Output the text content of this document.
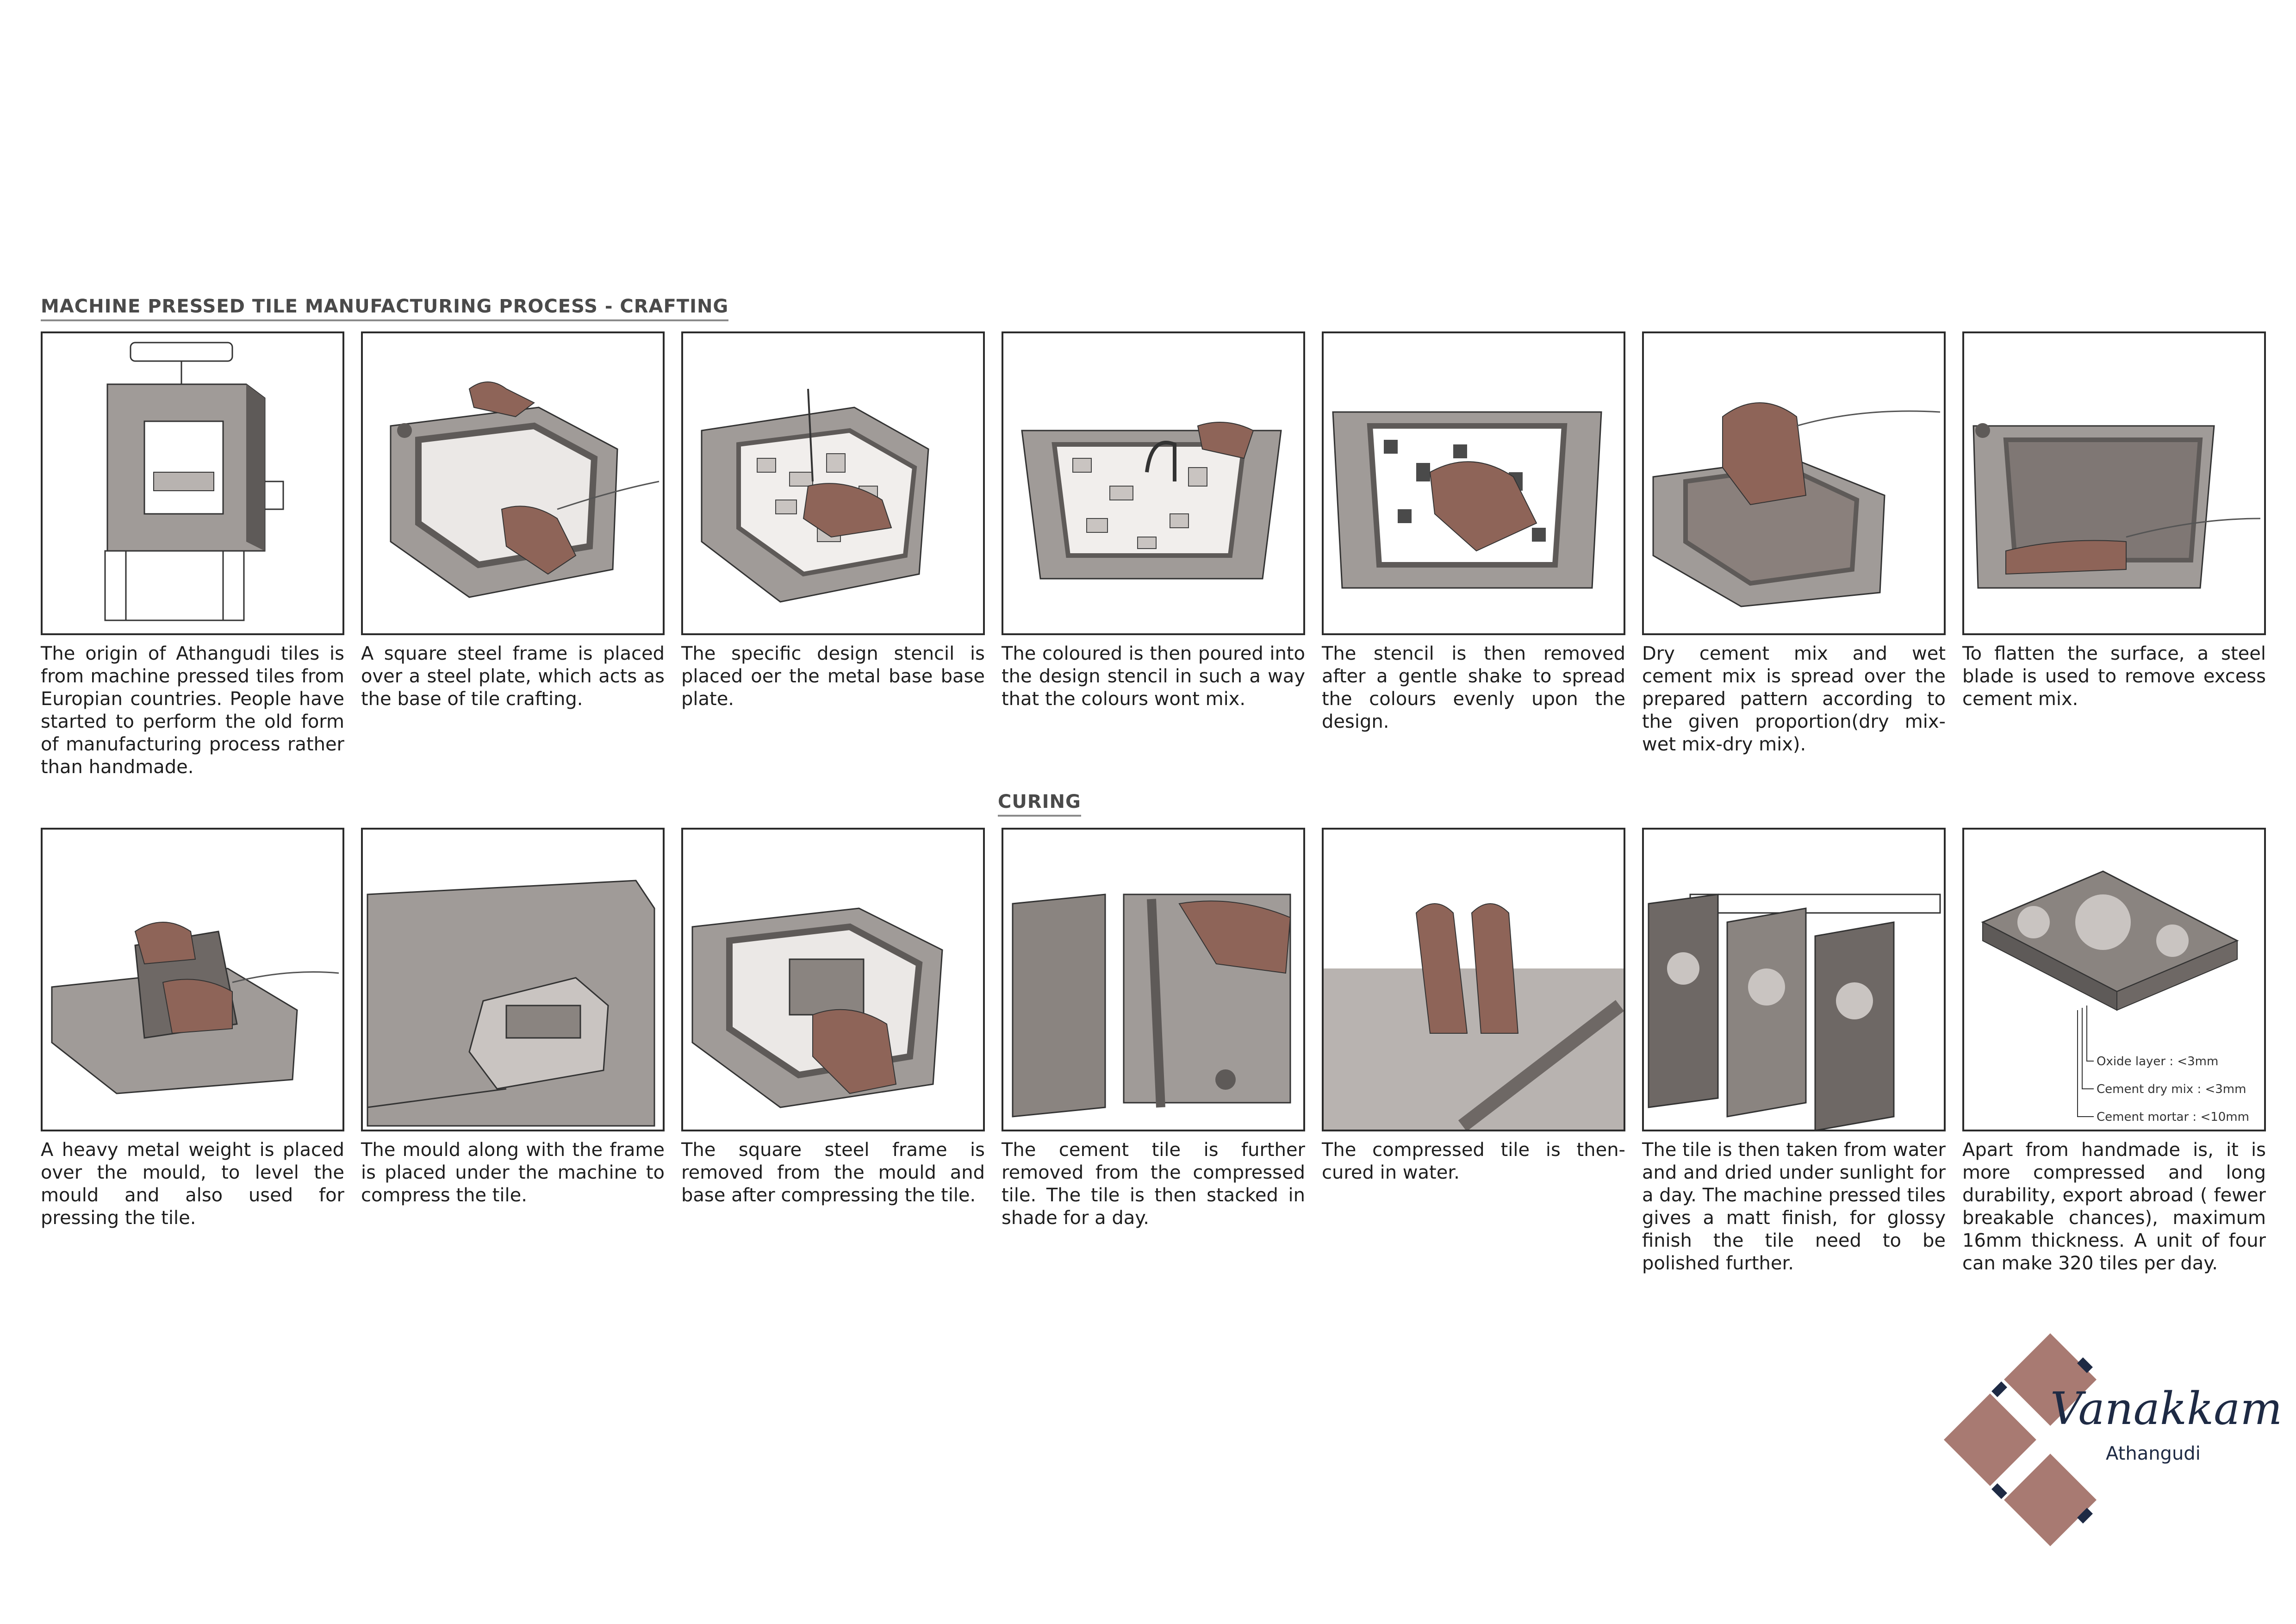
MACHINE PRESSED TILE MANUFACTURING PROCESS - CRAFTING
CURING
The origin of Athangudi tiles is from machine pressed tiles from Europian countries. People have started to perform the old form of manufacturing process rather than handmade.
A square steel frame is placed over a steel plate, which acts as the base of tile crafting.
The specific design stencil is placed oer the metal base base plate.
The coloured is then poured into the design stencil in such a way that the colours wont mix.
The stencil is then removed after a gentle shake to spread the colours evenly upon the design.
Dry cement mix and wet cement mix is spread over the prepared pattern according to the given proportion(dry mix-wet mix-dry mix).
To flatten the surface, a steel blade is used to remove excess cement mix.
Oxide layer : <3mm
Cement dry mix : <3mm
Cement mortar : <10mm
A heavy metal weight is placed over the mould, to level the mould and also used for pressing the tile.
The mould along with the frame is placed under the machine to compress the tile.
The square steel frame is removed from the mould and base after compressing the tile.
The cement tile is further removed from the compressed tile. The tile is then stacked in shade for a day.
The compressed tile is then- cured in water.
The tile is then taken from water and and dried under sunlight for a day. The machine pressed tiles gives a matt finish, for glossy finish the tile need to be polished further.
Apart from handmade is, it is more compressed and long durability, export abroad ( fewer breakable chances), maximum 16mm thickness. A unit of four can make 320 tiles per day.
Vanakkam
Athangudi
